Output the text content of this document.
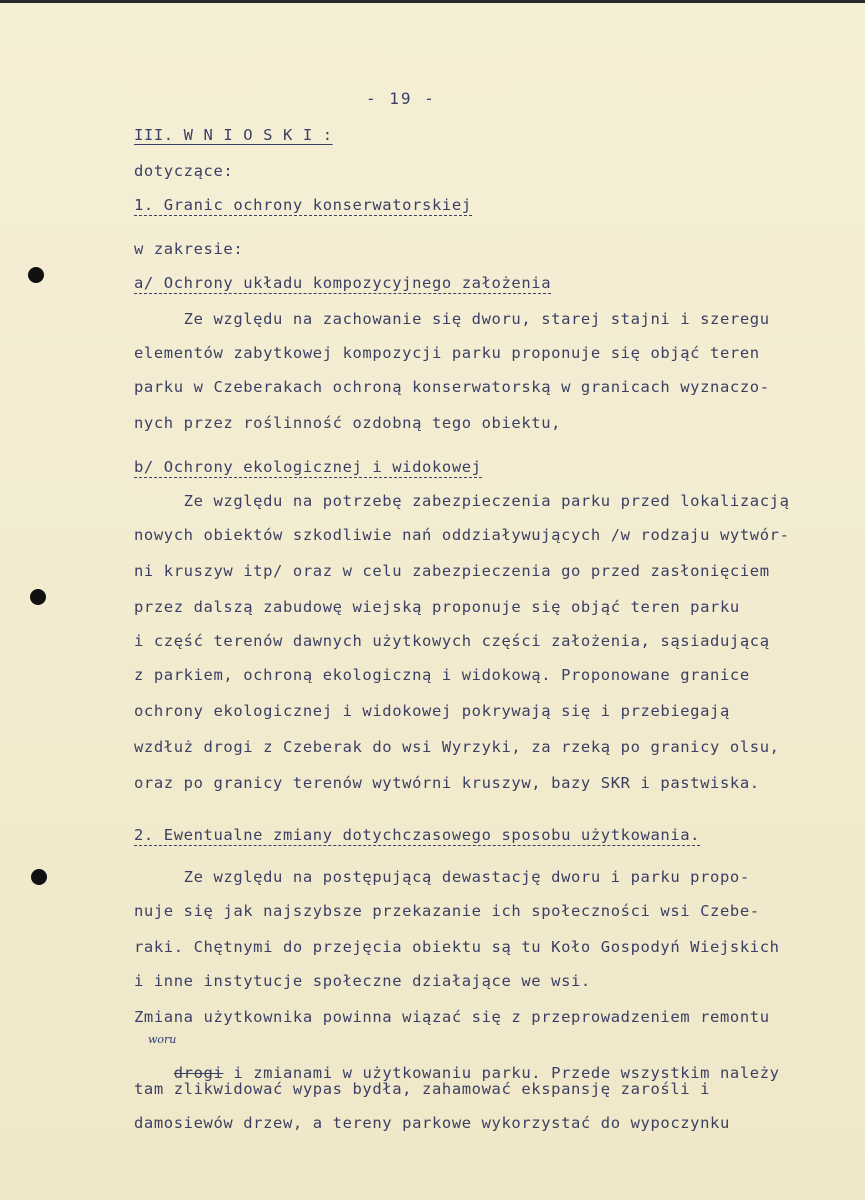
- 19 -
III. W N I O S K I :
dotyczące:
1. Granic ochrony konserwatorskiej
w zakresie:
a/ Ochrony układu kompozycyjnego założenia
Ze względu na zachowanie się dworu, starej stajni i szeregu
elementów zabytkowej kompozycji parku proponuje się objąć teren
parku w Czeberakach ochroną konserwatorską w granicach wyznaczo-
nych przez roślinność ozdobną tego obiektu,
b/ Ochrony ekologicznej i widokowej
Ze względu na potrzebę zabezpieczenia parku przed lokalizacją
nowych obiektów szkodliwie nań oddziaływujących /w rodzaju wytwór-
ni kruszyw itp/ oraz w celu zabezpieczenia go przed zasłonięciem
przez dalszą zabudowę wiejską proponuje się objąć teren parku
i część terenów dawnych użytkowych części założenia, sąsiadującą
z parkiem, ochroną ekologiczną i widokową. Proponowane granice
ochrony ekologicznej i widokowej pokrywają się i przebiegają
wzdłuż drogi z Czeberak do wsi Wyrzyki, za rzeką po granicy olsu,
oraz po granicy terenów wytwórni kruszyw, bazy SKR i pastwiska.
2. Ewentualne zmiany dotychczasowego sposobu użytkowania.
Ze względu na postępującą dewastację dworu i parku propo-
nuje się jak najszybsze przekazanie ich społeczności wsi Czebe-
raki. Chętnymi do przejęcia obiektu są tu Koło Gospodyń Wiejskich
i inne instytucje społeczne działające we wsi.
Zmiana użytkownika powinna wiązać się z przeprowadzeniem remontu
woru

drogi i zmianami w użytkowaniu parku. Przede wszystkim należy

tam zlikwidować wypas bydła, zahamować ekspansję zarośli i
damosiewów drzew, a tereny parkowe wykorzystać do wypoczynku
